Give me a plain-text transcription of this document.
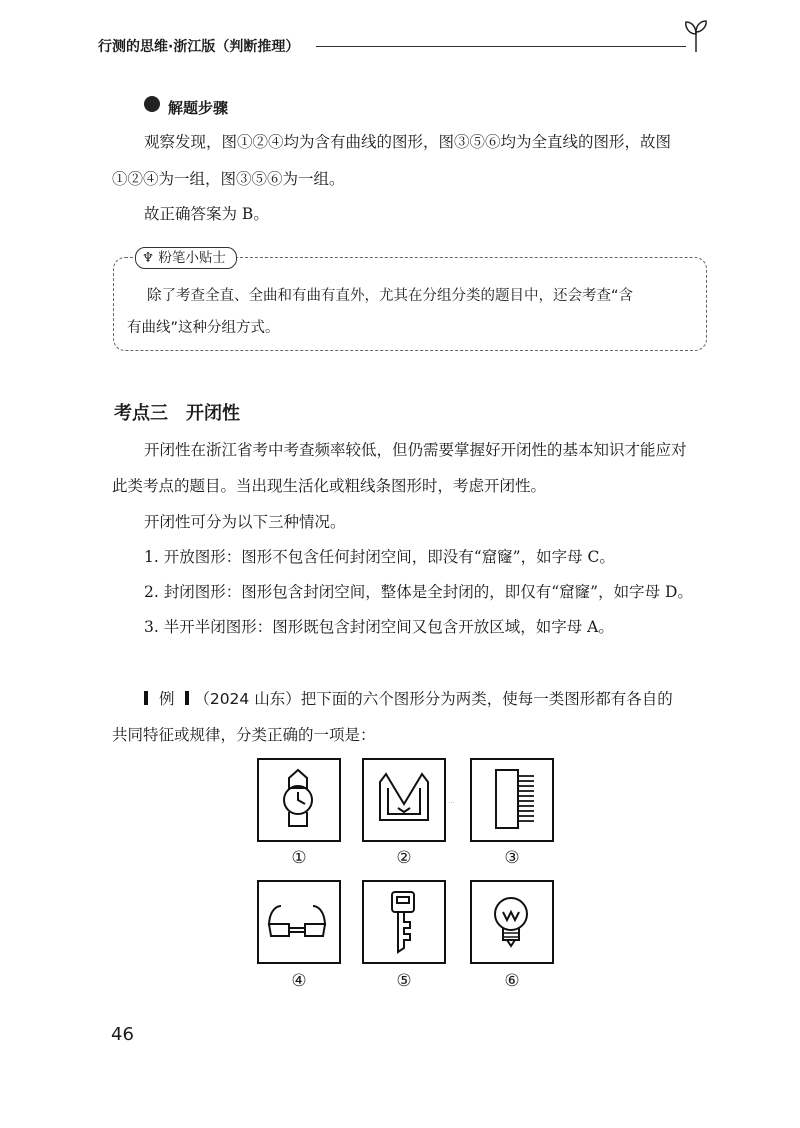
行测的思维·浙江版（判断推理）
解题步骤
观察发现，图①②④均为含有曲线的图形，图③⑤⑥均为全直线的图形，故图
①②④为一组，图③⑤⑥为一组。
故正确答案为 B。
♆ 粉笔小贴士
除了考查全直、全曲和有曲有直外，尤其在分组分类的题目中，还会考查“含
有曲线”这种分组方式。
考点三　开闭性
开闭性在浙江省考中考查频率较低，但仍需要掌握好开闭性的基本知识才能应对
此类考点的题目。当出现生活化或粗线条图形时，考虑开闭性。
开闭性可分为以下三种情况。
1. 开放图形：图形不包含任何封闭空间，即没有“窟窿”，如字母 C。
2. 封闭图形：图形包含封闭空间，整体是全封闭的，即仅有“窟窿”，如字母 D。
3. 半开半闭图形：图形既包含封闭空间又包含开放区域，如字母 A。
例 （2024 山东）把下面的六个图形分为两类，使每一类图形都有各自的
共同特征或规律，分类正确的一项是：
···
①	②	③
④	⑤	⑥
46
